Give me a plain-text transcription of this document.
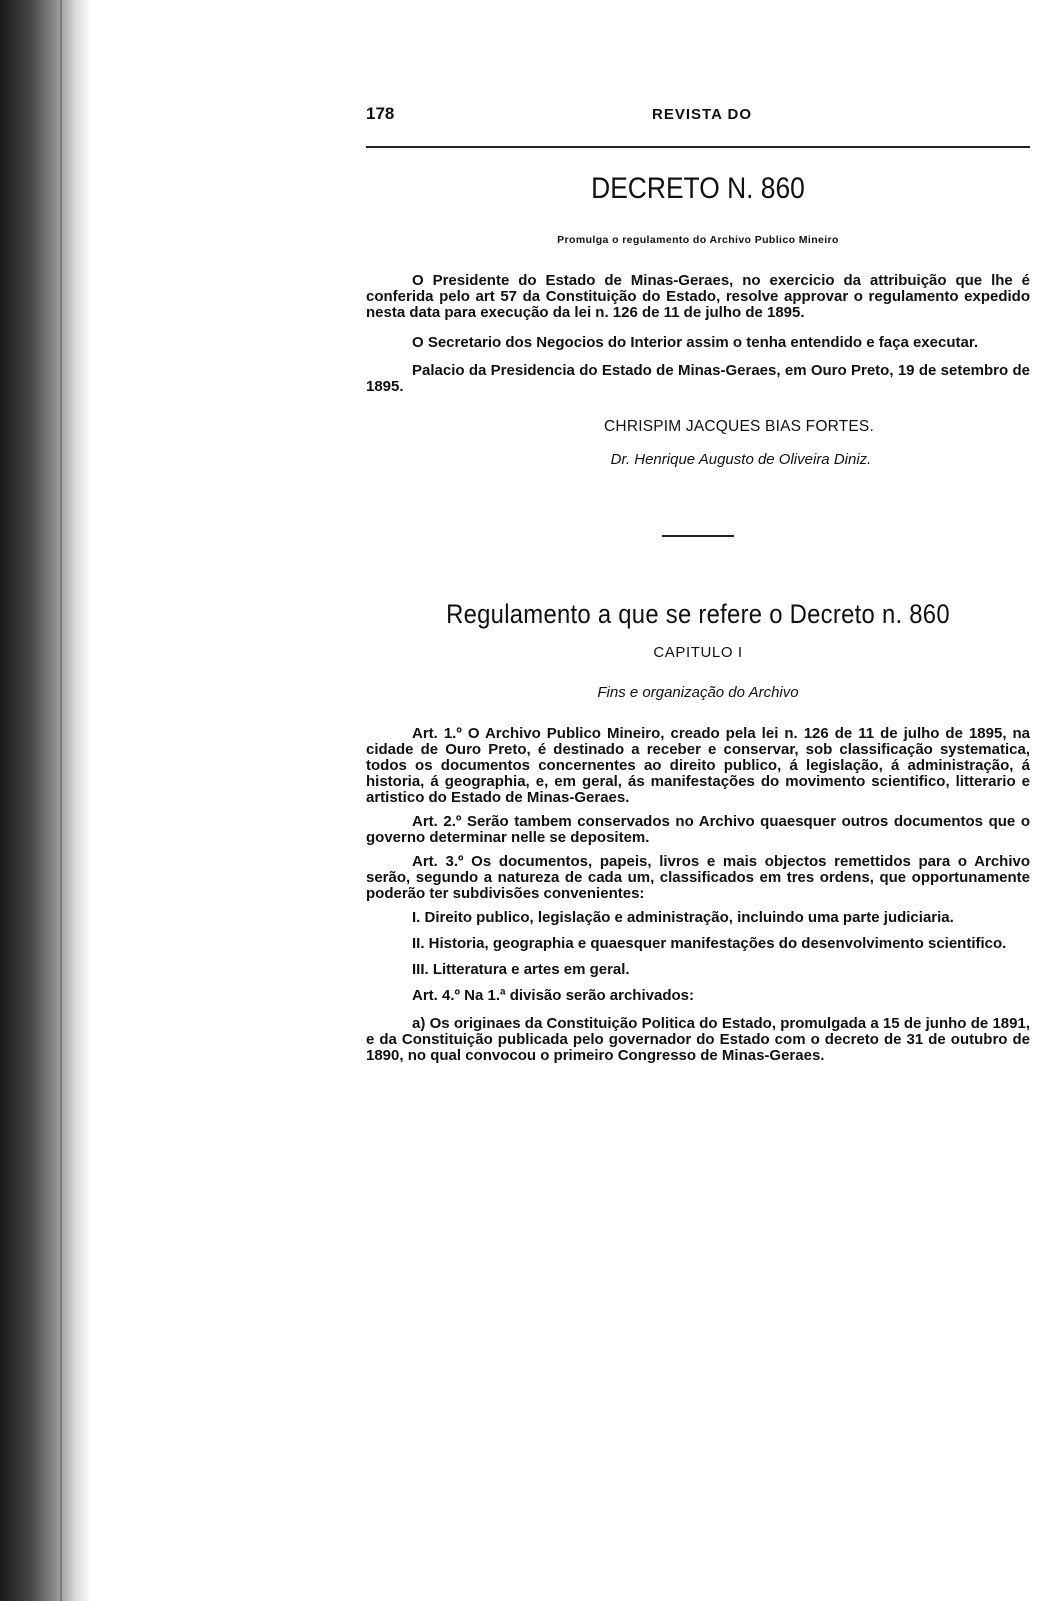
178	REVISTA DO
DECRETO N. 860
Promulga o regulamento do Archivo Publico Mineiro

O Presidente do Estado de Minas-Geraes, no exercicio da attribuição que lhe é conferida pelo art 57 da Constituição do Estado, resolve approvar o regulamento expedido nesta data para execução da lei n. 126 de 11 de julho de 1895.

O Secretario dos Negocios do Interior assim o tenha entendido e faça executar.

Palacio da Presidencia do Estado de Minas-Geraes, em Ouro Preto, 19 de setembro de 1895.

CHRISPIM JACQUES BIAS FORTES.
Dr. Henrique Augusto de Oliveira Diniz.
Regulamento a que se refere o Decreto n. 860
CAPITULO I
Fins e organização do Archivo

Art. 1.º O Archivo Publico Mineiro, creado pela lei n. 126 de 11 de julho de 1895, na cidade de Ouro Preto, é destinado a receber e conservar, sob classificação systematica, todos os documentos concernentes ao direito publico, á legislação, á administração, á historia, á geographia, e, em geral, ás manifestações do movimento scientifico, litterario e artistico do Estado de Minas-Geraes.

Art. 2.º Serão tambem conservados no Archivo quaesquer outros documentos que o governo determinar nelle se depositem.

Art. 3.º Os documentos, papeis, livros e mais objectos remettidos para o Archivo serão, segundo a natureza de cada um, classificados em tres ordens, que opportunamente poderão ter subdivisões convenientes:

I. Direito publico, legislação e administração, incluindo uma parte judiciaria.

II. Historia, geographia e quaesquer manifestações do desenvolvimento scientifico.

III. Litteratura e artes em geral.

Art. 4.º Na 1.ª divisão serão archivados:

a) Os originaes da Constituição Politica do Estado, promulgada a 15 de junho de 1891, e da Constituição publicada pelo governador do Estado com o decreto de 31 de outubro de 1890, no qual convocou o primeiro Congresso de Minas-Geraes.
